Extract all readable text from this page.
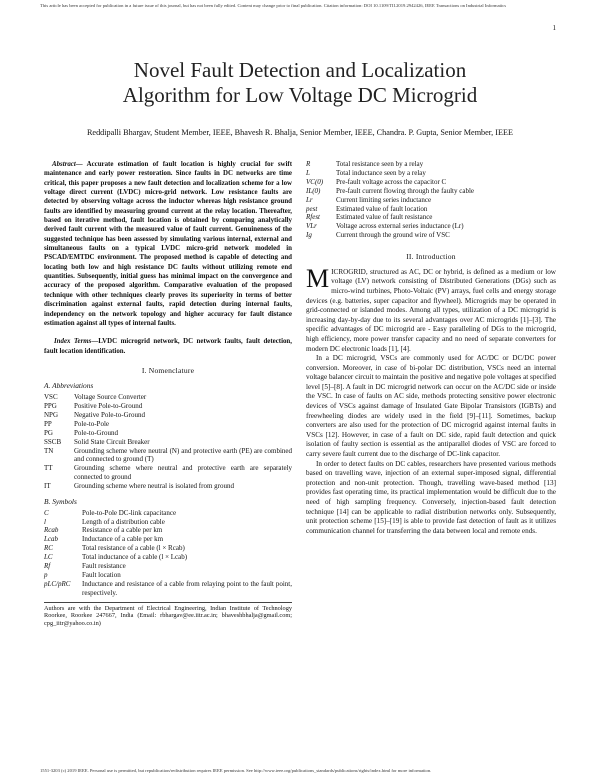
This article has been accepted for publication in a future issue of this journal, but has not been fully edited. Content may change prior to final publication. Citation information: DOI 10.1109/TII.2019.2942426, IEEE Transactions on Industrial Informatics
1
Novel Fault Detection and Localization
Algorithm for Low Voltage DC Microgrid
Reddipalli Bhargav, Student Member, IEEE, Bhavesh R. Bhalja, Senior Member, IEEE, Chandra. P. Gupta, Senior Member, IEEE

Abstract— Accurate estimation of fault location is highly crucial for swift maintenance and early power restoration. Since faults in DC networks are time critical, this paper proposes a new fault detection and localization scheme for a low voltage direct current (LVDC) micro-grid network. Low resistance faults are detected by observing voltage across the inductor whereas high resistance ground faults are identified by measuring ground current at the relay location. Thereafter, based on iterative method, fault location is obtained by comparing analytically derived fault current with the measured value of fault current. Genuineness of the suggested technique has been assessed by simulating various internal, external and simultaneous faults on a typical LVDC micro-grid network modeled in PSCAD/EMTDC environment. The proposed method is capable of detecting and locating both low and high resistance DC faults without utilizing remote end quantities. Subsequently, initial guess has minimal impact on the convergence and accuracy of the proposed algorithm. Comparative evaluation of the proposed technique with other techniques clearly proves its superiority in terms of better discrimination against external faults, rapid detection during internal faults, independency on the network topology and higher accuracy for fault distance estimation against all types of internal faults.

Index Terms—LVDC microgrid network, DC network faults, fault detection, fault location identification.

I. Nomenclature
A. Abbreviations
VSC	Voltage Source Converter
PPG	Positive Pole-to-Ground
NPG	Negative Pole-to-Ground
PP	Pole-to-Pole
PG	Pole-to-Ground
SSCB	Solid State Circuit Breaker
TN	Grounding scheme where neutral (N) and protective earth (PE) are combined and connected to ground (T)
TT	Grounding scheme where neutral and protective earth are separately connected to ground
IT	Grounding scheme where neutral is isolated from ground
B. Symbols
C	Pole-to-Pole DC-link capacitance
l	Length of a distribution cable
Rcab	Resistance of a cable per km
Lcab	Inductance of a cable per km
RC	Total resistance of a cable (l × Rcab)
LC	Total inductance of a cable (l × Lcab)
Rf	Fault resistance
p	Fault location
pLC/pRC	Inductance and resistance of a cable from relaying point to the fault point, respectively.
Authors are with the Department of Electrical Engineering, Indian Institute of Technology Roorkee, Roorkee 247667, India (Email: rbhargav@ee.iitr.ac.in; bhaveshbhalja@gmail.com; cpg_iitr@yahoo.co.in)
R	Total resistance seen by a relay
L	Total inductance seen by a relay
VC(0)	Pre-fault voltage across the capacitor C
IL(0)	Pre-fault current flowing through the faulty cable
Lr	Current limiting series inductance
pest	Estimated value of fault location
Rfest	Estimated value of fault resistance
VLr	Voltage across external series inductance (Lr)
Ig	Current through the ground wire of VSC
II. Introduction

MICROGRID, structured as AC, DC or hybrid, is defined as a medium or low voltage (LV) network consisting of Distributed Generations (DGs) such as micro-wind turbines, Photo-Voltaic (PV) arrays, fuel cells and energy storage devices (e.g. batteries, super capacitor and flywheel). Microgrids may be operated in grid-connected or islanded modes. Among all types, utilization of a DC microgrid is increasing day-by-day due to its several advantages over AC microgrids [1]–[3]. The specific advantages of DC microgrid are - Easy paralleling of DGs to the microgrid, high efficiency, more power transfer capacity and no need of separate converters for modern DC electronic loads [1], [4].

In a DC microgrid, VSCs are commonly used for AC/DC or DC/DC power conversion. Moreover, in case of bi-polar DC distribution, VSCs need an internal voltage balancer circuit to maintain the positive and negative pole voltages at specified level [5]–[8]. A fault in DC microgrid network can occur on the AC/DC side or inside the VSC. In case of faults on AC side, methods protecting sensitive power electronic devices of VSCs against damage of Insulated Gate Bipolar Transistors (IGBTs) and freewheeling diodes are widely used in the field [9]–[11]. Sometimes, backup converters are also used for the protection of DC microgrid against internal faults in VSCs [12]. However, in case of a fault on DC side, rapid fault detection and quick isolation of faulty section is essential as the antiparallel diodes of VSC are forced to carry severe fault current due to the discharge of DC-link capacitor.

In order to detect faults on DC cables, researchers have presented various methods based on travelling wave, injection of an external super-imposed signal, differential protection and non-unit protection. Though, travelling wave-based method [13] provides fast operating time, its practical implementation would be difficult due to the need of high sampling frequency. Conversely, injection-based fault detection technique [14] can be applicable to radial distribution networks only. Subsequently, unit protection scheme [15]–[19] is able to provide fast detection of fault as it utilizes communication channel for transferring the data between local and remote ends.

1551-3203 (c) 2019 IEEE. Personal use is permitted, but republication/redistribution requires IEEE permission. See http://www.ieee.org/publications_standards/publications/rights/index.html for more information.
